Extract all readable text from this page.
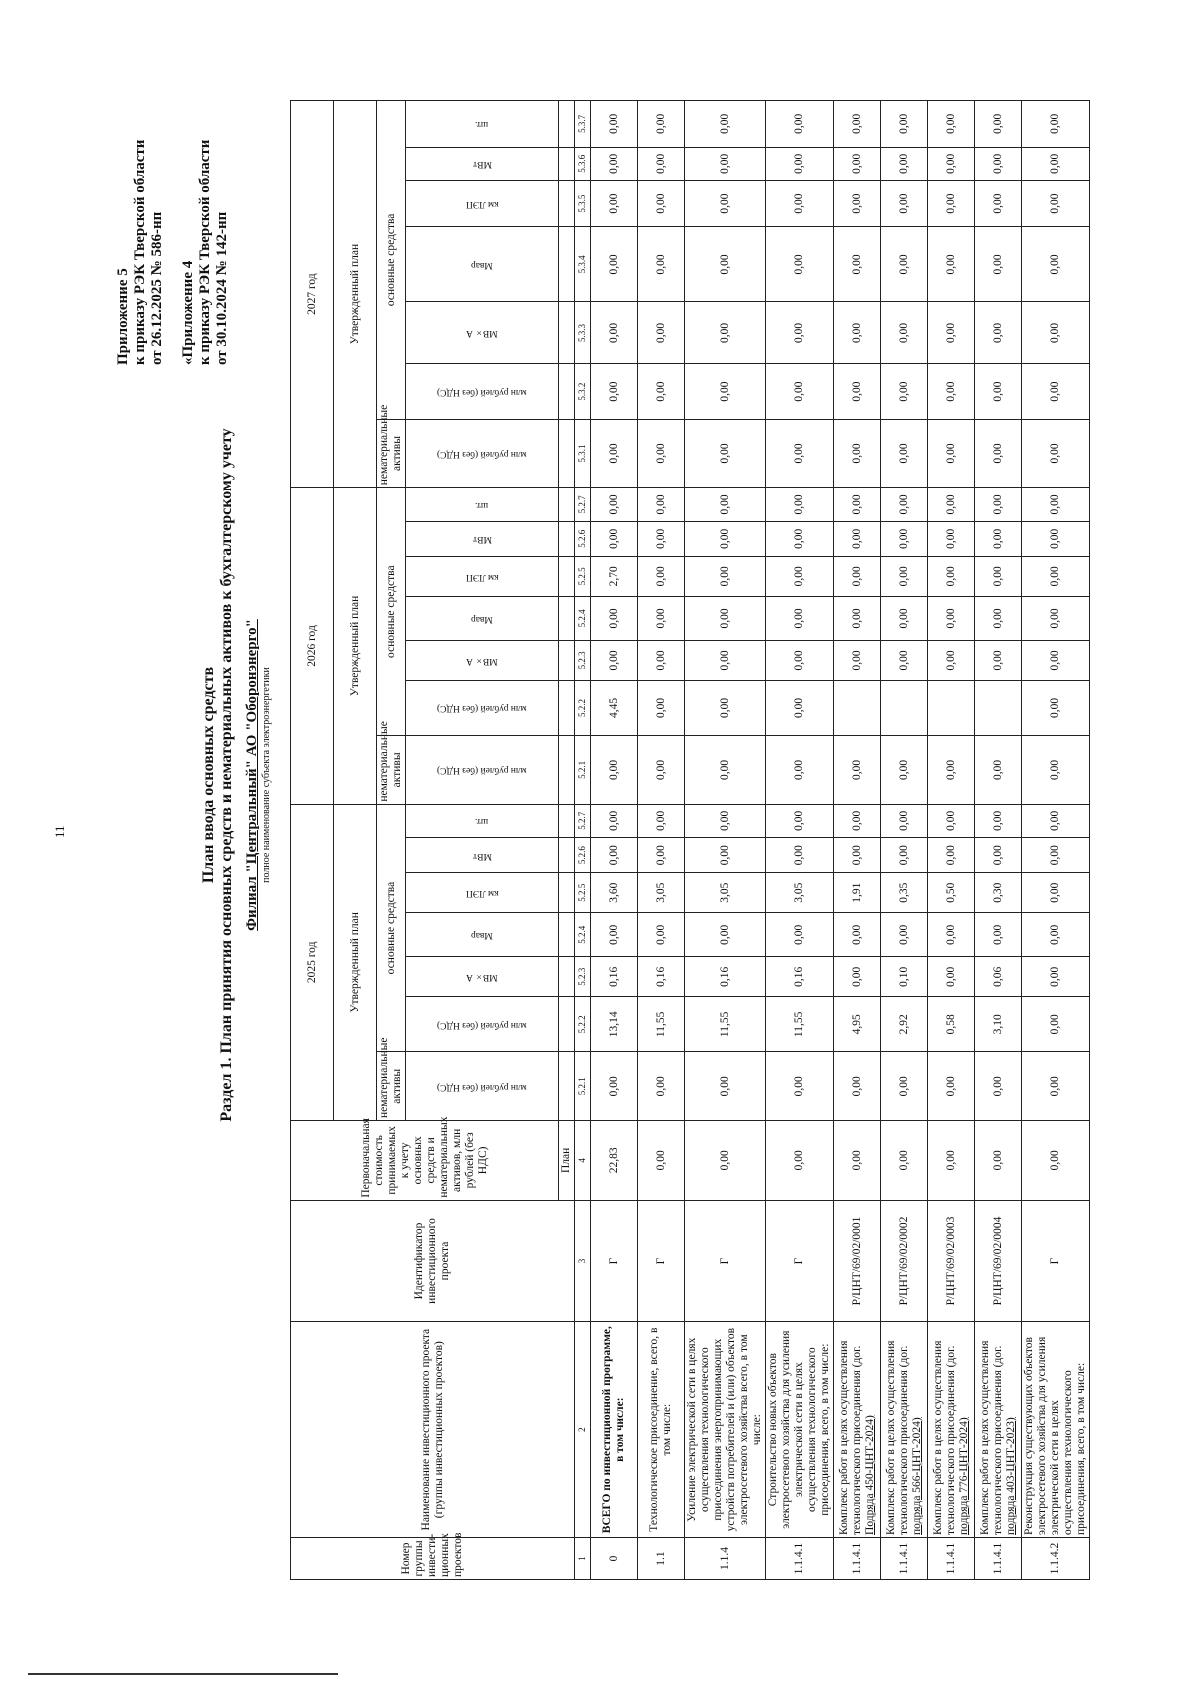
11
Приложение 5 к приказу РЭК Тверской области от 26.12.2025 № 586-нп «Приложение 4 к приказу РЭК Тверской области от 30.10.2024 № 142-нп
План ввода основных средств Раздел 1. План принятия основных средств и нематериальных активов к бухгалтерскому учету Филиал "Центральный" АО "Оборонэнерго" полное наименование субъекта электроэнергетики
Номер группы инвести-ционных проектов	Наименование инвестиционного проекта (группы инвестиционных проектов)	Идентификатор инвестиционного проекта	Первоначальная стоимость принимаемых к учету основных средств и нематериальных активов, млн рублей (без НДС)	2025 год							2026 год							2027 год						
				Утвержденный план							Утвержденный план							Утвержденный план						
				нематериальные активы	основные средства						нематериальные активы	основные средства						нематериальные активы	основные средства					

				млн рублей (без НДС)	млн рублей (без НДС)	МВ×А	Мвар	км ЛЭП	МВт	шт.	млн рублей (без НДС)	млн рублей (без НДС)	МВ×А	Мвар	км ЛЭП	МВт	шт.	млн рублей (без НДС)	млн рублей (без НДС)	МВ×А	Мвар	км ЛЭП	МВт	шт.

			План																					
1	2	3	4	5.2.1	5.2.2	5.2.3	5.2.4	5.2.5	5.2.6	5.2.7	5.2.1	5.2.2	5.2.3	5.2.4	5.2.5	5.2.6	5.2.7	5.3.1	5.3.2	5.3.3	5.3.4	5.3.5	5.3.6	5.3.7
0	ВСЕГО по инвестиционной программе, в том числе:	Г	22,83	0,00	13,14	0,16	0,00	3,60	0,00	0,00	0,00	4,45	0,00	0,00	2,70	0,00	0,00	0,00	0,00	0,00	0,00	0,00	0,00	0,00
1.1	Технологическое присоединение, всего, в том числе:	Г	0,00	0,00	11,55	0,16	0,00	3,05	0,00	0,00	0,00	0,00	0,00	0,00	0,00	0,00	0,00	0,00	0,00	0,00	0,00	0,00	0,00	0,00
1.1.4	Усиление электрической сети в целях осуществления технологического присоединения энергопринимающих устройств потребителей и (или) объектов электросетевого хозяйства всего, в том числе:	Г	0,00	0,00	11,55	0,16	0,00	3,05	0,00	0,00	0,00	0,00	0,00	0,00	0,00	0,00	0,00	0,00	0,00	0,00	0,00	0,00	0,00	0,00
1.1.4.1	Строительство новых объектов электросетевого хозяйства для усиления электрической сети в целях осуществления технологического присоединения, всего, в том числе:	Г	0,00	0,00	11,55	0,16	0,00	3,05	0,00	0,00	0,00	0,00	0,00	0,00	0,00	0,00	0,00	0,00	0,00	0,00	0,00	0,00	0,00	0,00
1.1.4.1	Комплекс работ в целях осуществления технологического присоединения (дог. Подряда 450-ЦНТ-2024)	Р/ЦНТ/69/02/0001	0,00	0,00	4,95	0,00	0,00	1,91	0,00	0,00	0,00		0,00	0,00	0,00	0,00	0,00	0,00	0,00	0,00	0,00	0,00	0,00	0,00
1.1.4.1	Комплекс работ в целях осуществления технологического присоединения (дог. подряда 566-ЦНТ-2024)	Р/ЦНТ/69/02/0002	0,00	0,00	2,92	0,10	0,00	0,35	0,00	0,00	0,00		0,00	0,00	0,00	0,00	0,00	0,00	0,00	0,00	0,00	0,00	0,00	0,00
1.1.4.1	Комплекс работ в целях осуществления технологического присоединения (дог. подряда 776-ЦНТ-2024)	Р/ЦНТ/69/02/0003	0,00	0,00	0,58	0,00	0,00	0,50	0,00	0,00	0,00		0,00	0,00	0,00	0,00	0,00	0,00	0,00	0,00	0,00	0,00	0,00	0,00
1.1.4.1	Комплекс работ в целях осуществления технологического присоединения (дог. подряда 403-ЦНТ-2023)	Р/ЦНТ/69/02/0004	0,00	0,00	3,10	0,06	0,00	0,30	0,00	0,00	0,00		0,00	0,00	0,00	0,00	0,00	0,00	0,00	0,00	0,00	0,00	0,00	0,00
1.1.4.2	Реконструкция существующих объектов электросетевого хозяйства для усиления электрической сети в целях осуществления технологического присоединения, всего, в том числе:	Г	0,00	0,00	0,00	0,00	0,00	0,00	0,00	0,00	0,00	0,00	0,00	0,00	0,00	0,00	0,00	0,00	0,00	0,00	0,00	0,00	0,00	0,00
